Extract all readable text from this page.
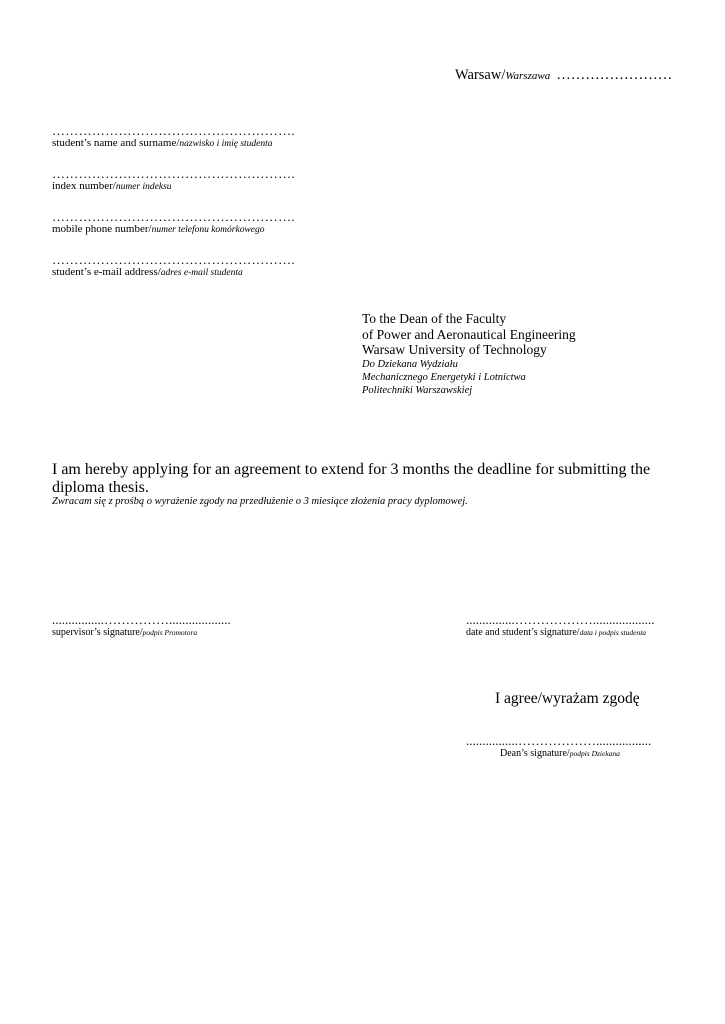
Warsaw/Warszawa ……………………
……………………………………………….
student’s name and surname/nazwisko i imię studenta
……………………………………………….
index number/numer indeksu
……………………………………………….
mobile phone number/numer telefonu komórkowego
……………………………………………….
student’s e-mail address/adres e-mail studenta
To the Dean of the Faculty
of Power and Aeronautical Engineering
Warsaw University of Technology
Do Dziekana Wydziału
Mechanicznego Energetyki i Lotnictwa
Politechniki Warszawskiej
I am hereby applying for an agreement to extend for 3 months the deadline for submitting the diploma thesis.
Zwracam się z prośbą o wyrażenie zgody na przedłużenie o 3 miesiące złożenia pracy dyplomowej.
................……………...................
supervisor’s signature/podpis Promotora
...............………………...................
date and student’s signature/data i podpis studenta
I agree/wyrażam zgodę
................……………….................
Dean’s signature/podpis Dziekana
